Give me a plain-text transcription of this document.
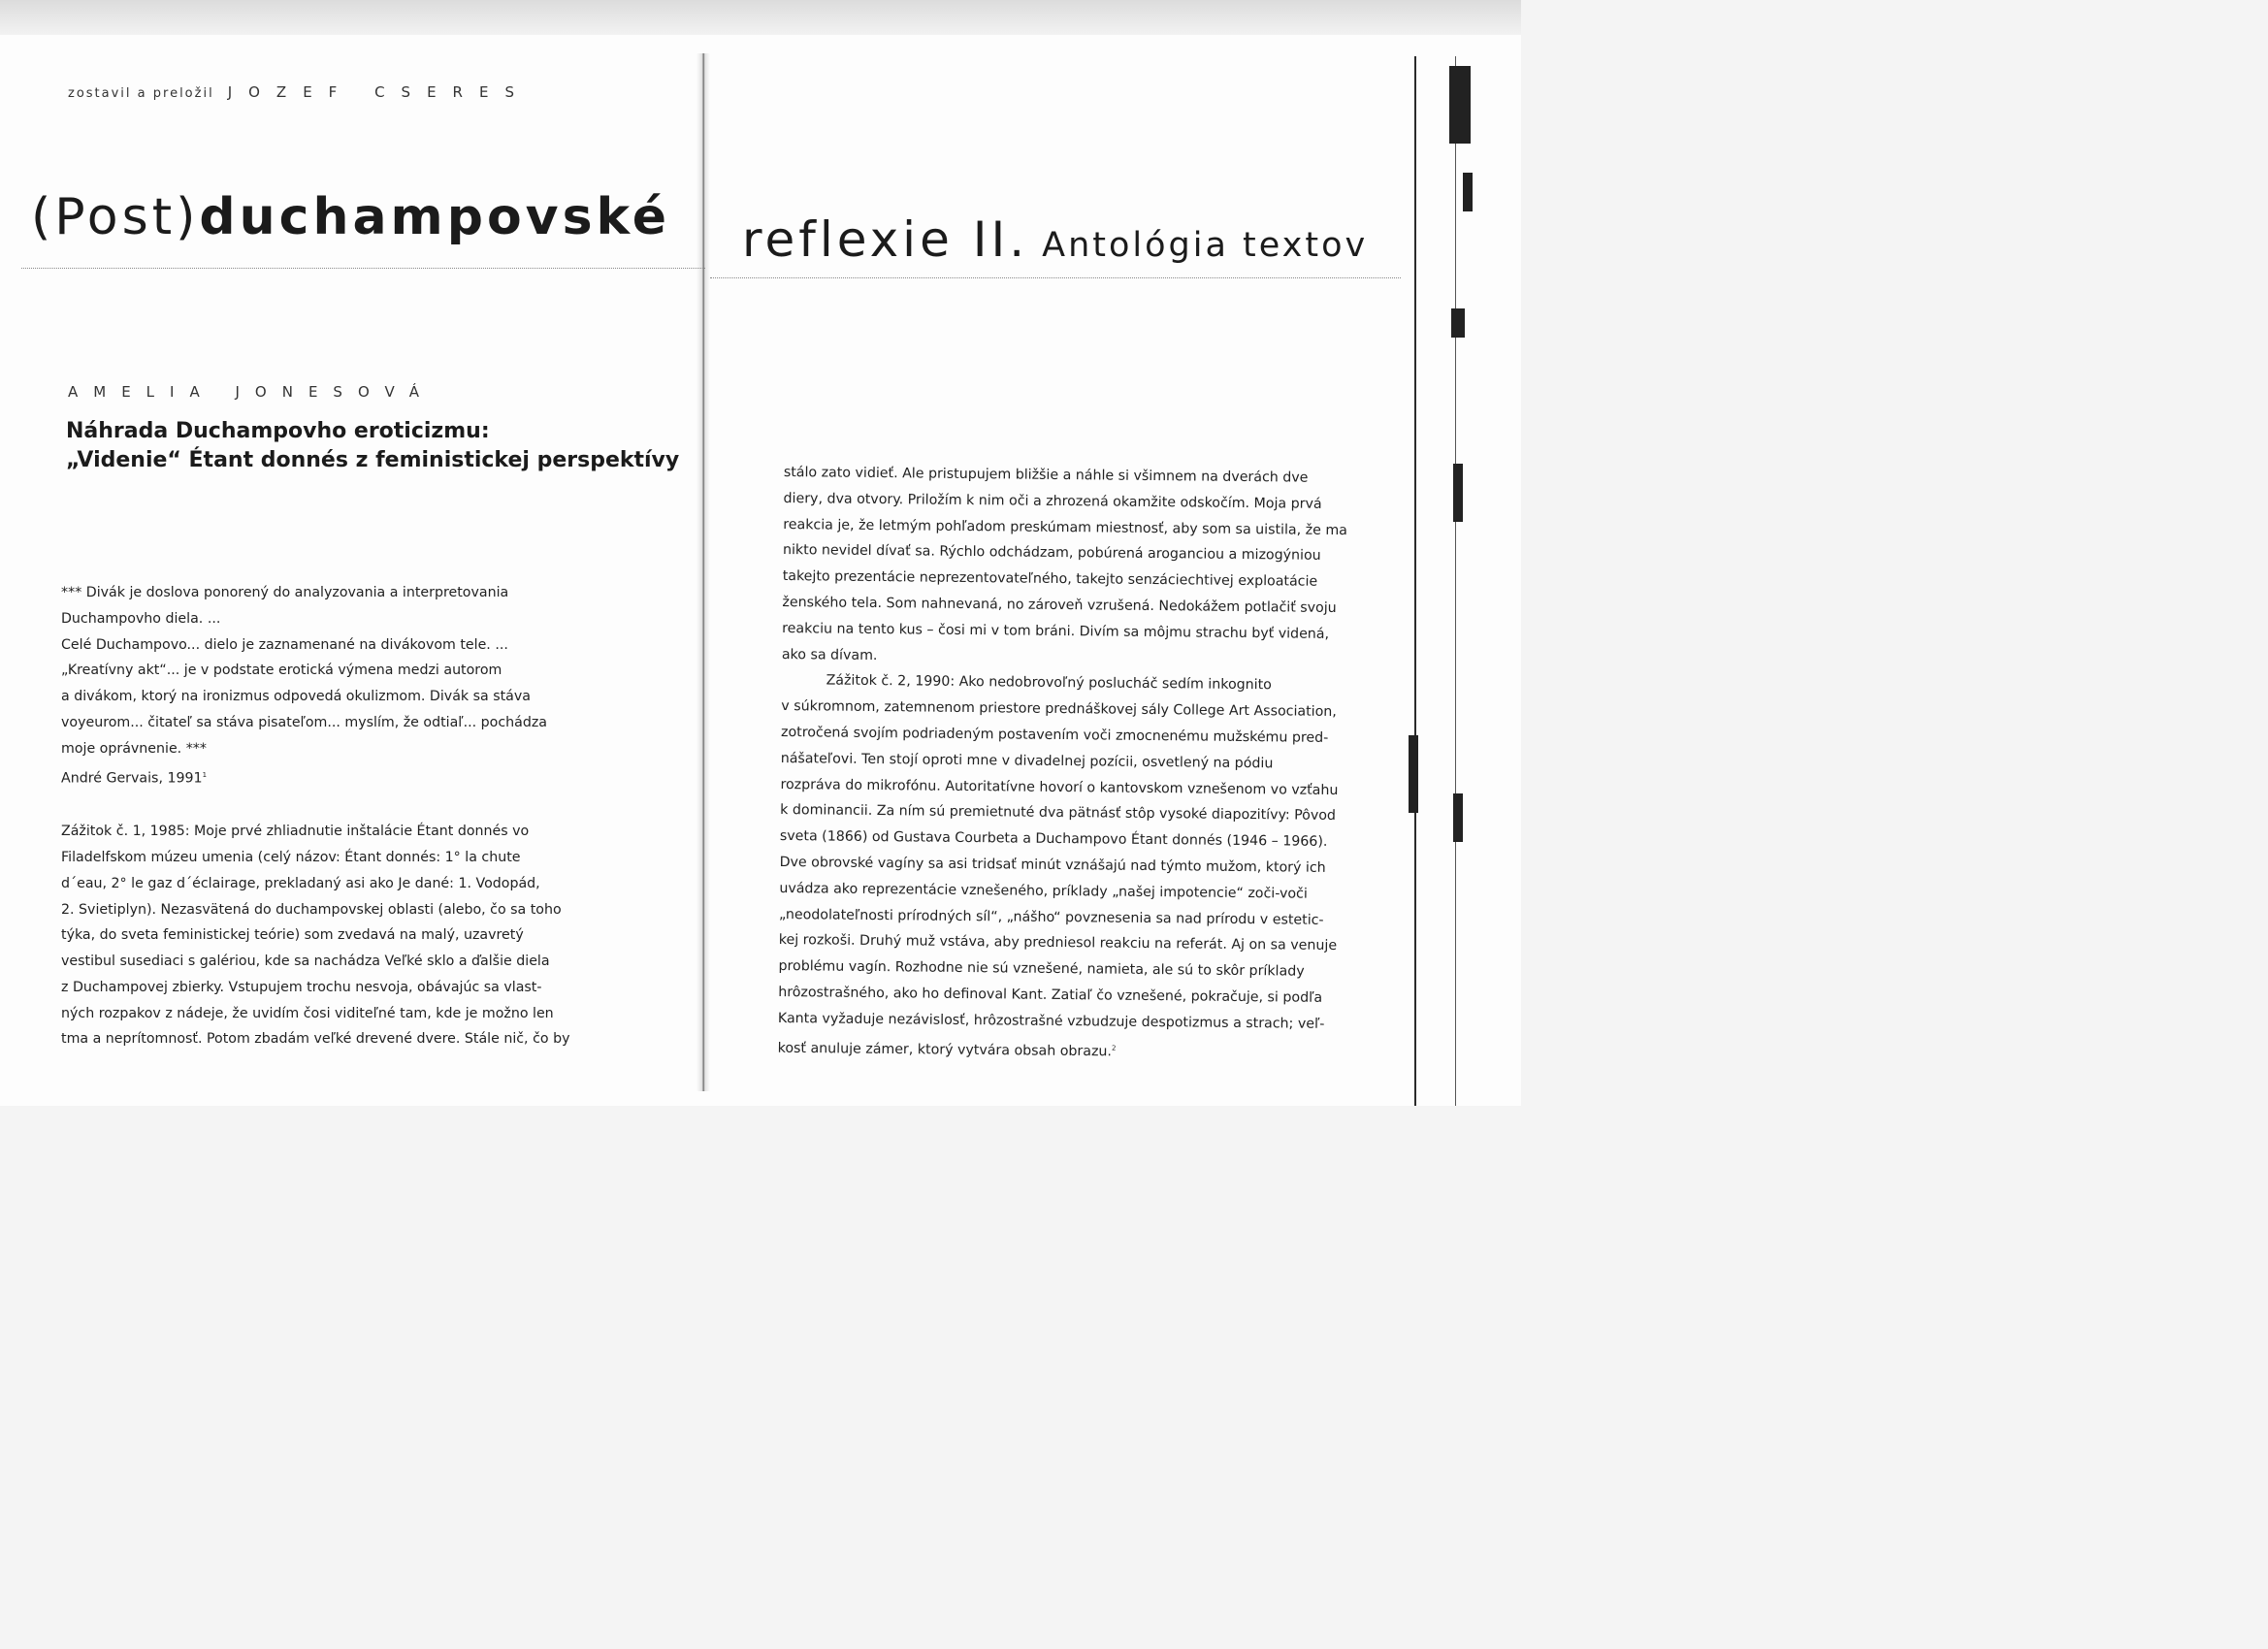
zostavil a preložil JOZEF CSERES
(Post)duchampovské reflexie II. Antológia textov
AMELIA JONESOVÁ
Náhrada Duchampovho eroticizmu:
„Videnie“ Étant donnés z feministickej perspektívy
*** Divák je doslova ponorený do analyzovania a interpretovania
Duchampovho diela. ...
Celé Duchampovo... dielo je zaznamenané na divákovom tele. ...
„Kreatívny akt“... je v podstate erotická výmena medzi autorom
a divákom, ktorý na ironizmus odpovedá okulizmom. Divák sa stáva
voyeurom... čitateľ sa stáva pisateľom... myslím, že odtiaľ... pochádza
moje oprávnenie. ***
André Gervais, 1991$^1$
Zážitok č. 1, 1985: Moje prvé zhliadnutie inštalácie Étant donnés vo
Filadelfskom múzeu umenia (celý názov: Étant donnés: 1° la chute
d´eau, 2° le gaz d´éclairage, prekladaný asi ako Je dané: 1. Vodopád,
2. Svietiplyn). Nezasvätená do duchampovskej oblasti (alebo, čo sa toho
týka, do sveta feministickej teórie) som zvedavá na malý, uzavretý
vestibul susediaci s galériou, kde sa nachádza Veľké sklo a ďalšie diela
z Duchampovej zbierky. Vstupujem trochu nesvoja, obávajúc sa vlast-
ných rozpakov z nádeje, že uvidím čosi viditeľné tam, kde je možno len
tma a neprítomnosť. Potom zbadám veľké drevené dvere. Stále nič, čo by
stálo zato vidieť. Ale pristupujem bližšie a náhle si všimnem na dverách dve
diery, dva otvory. Priložím k nim oči a zhrozená okamžite odskočím. Moja prvá
reakcia je, že letmým pohľadom preskúmam miestnosť, aby som sa uistila, že ma
nikto nevidel dívať sa. Rýchlo odchádzam, pobúrená aroganciou a mizogýniou
takejto prezentácie neprezentovateľného, takejto senzáciechtivej exploatácie
ženského tela. Som nahnevaná, no zároveň vzrušená. Nedokážem potlačiť svoju
reakciu na tento kus – čosi mi v tom bráni. Divím sa môjmu strachu byť videná,
ako sa dívam.
Zážitok č. 2, 1990: Ako nedobrovoľný poslucháč sedím inkognito
v súkromnom, zatemnenom priestore prednáškovej sály College Art Association,
zotročená svojím podriadeným postavením voči zmocnenému mužskému pred-
nášateľovi. Ten stojí oproti mne v divadelnej pozícii, osvetlený na pódiu
rozpráva do mikrofónu. Autoritatívne hovorí o kantovskom vznešenom vo vzťahu
k dominancii. Za ním sú premietnuté dva pätnásť stôp vysoké diapozitívy: Pôvod
sveta (1866) od Gustava Courbeta a Duchampovo Étant donnés (1946 – 1966).
Dve obrovské vagíny sa asi tridsať minút vznášajú nad týmto mužom, ktorý ich
uvádza ako reprezentácie vznešeného, príklady „našej impotencie“ zoči-voči
„neodolateľnosti prírodných síl“, „nášho“ povznesenia sa nad prírodu v estetic-
kej rozkoši. Druhý muž vstáva, aby predniesol reakciu na referát. Aj on sa venuje
problému vagín. Rozhodne nie sú vznešené, namieta, ale sú to skôr príklady
hrôzostrašného, ako ho definoval Kant. Zatiaľ čo vznešené, pokračuje, si podľa
Kanta vyžaduje nezávislosť, hrôzostrašné vzbudzuje despotizmus a strach; veľ-
kosť anuluje zámer, ktorý vytvára obsah obrazu.$^2$
